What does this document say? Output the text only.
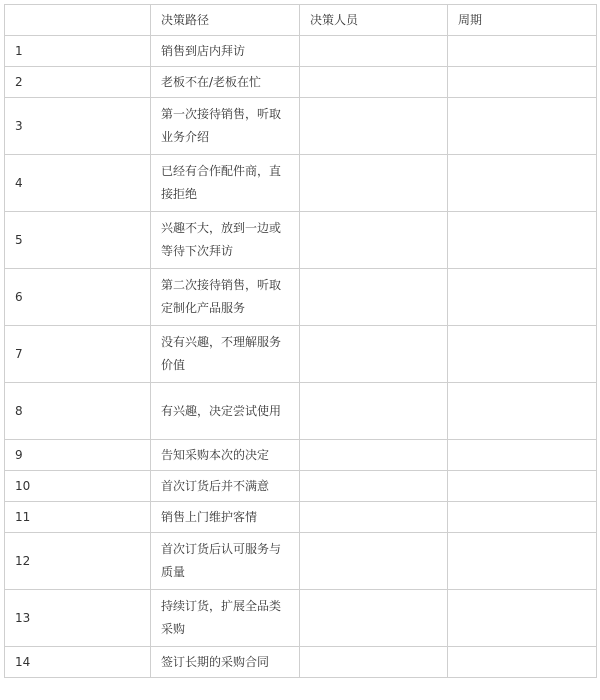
	决策路径	决策人员	周期
1	销售到店内拜访		
2	老板不在/老板在忙		
3	第一次接待销售，听取业务介绍		
4	已经有合作配件商，直接拒绝		
5	兴趣不大，放到一边或等待下次拜访		
6	第二次接待销售，听取定制化产品服务		
7	没有兴趣，不理解服务价值		
8	有兴趣，决定尝试使用		
9	告知采购本次的决定		
10	首次订货后并不满意		
11	销售上门维护客情		
12	首次订货后认可服务与质量		
13	持续订货，扩展全品类采购		
14	签订长期的采购合同		
